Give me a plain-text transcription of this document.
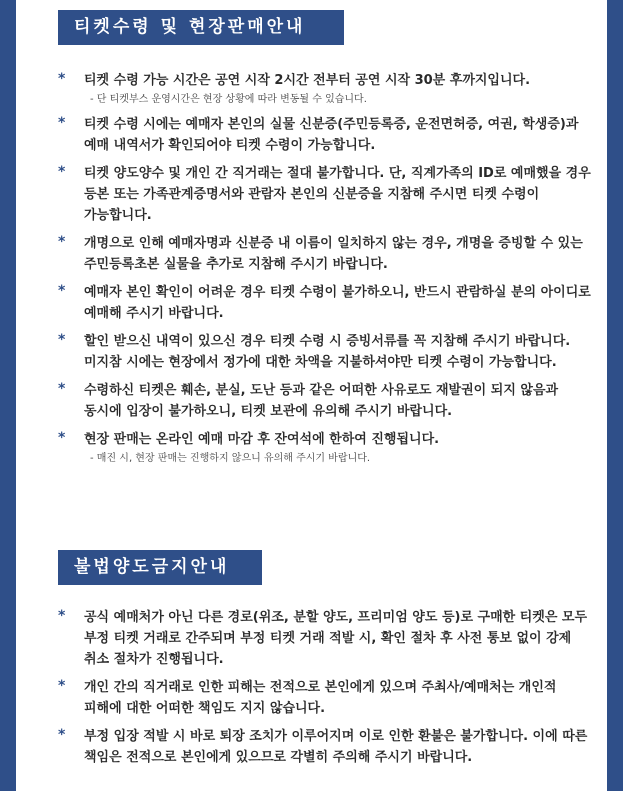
티켓수령 및 현장판매안내
* 티켓 수령 가능 시간은 공연 시작 2시간 전부터 공연 시작 30분 후까지입니다.
- 단 티켓부스 운영시간은 현장 상황에 따라 변동될 수 있습니다.
* 티켓 수령 시에는 예매자 본인의 실물 신분증(주민등록증, 운전면허증, 여권, 학생증)과 예매 내역서가 확인되어야 티켓 수령이 가능합니다.
* 티켓 양도양수 및 개인 간 직거래는 절대 불가합니다. 단, 직계가족의 ID로 예매했을 경우 등본 또는 가족관계증명서와 관람자 본인의 신분증을 지참해 주시면 티켓 수령이 가능합니다.
* 개명으로 인해 예매자명과 신분증 내 이름이 일치하지 않는 경우, 개명을 증빙할 수 있는 주민등록초본 실물을 추가로 지참해 주시기 바랍니다.
* 예매자 본인 확인이 어려운 경우 티켓 수령이 불가하오니, 반드시 관람하실 분의 아이디로 예매해 주시기 바랍니다.
* 할인 받으신 내역이 있으신 경우 티켓 수령 시 증빙서류를 꼭 지참해 주시기 바랍니다. 미지참 시에는 현장에서 정가에 대한 차액을 지불하셔야만 티켓 수령이 가능합니다.
* 수령하신 티켓은 훼손, 분실, 도난 등과 같은 어떠한 사유로도 재발권이 되지 않음과 동시에 입장이 불가하오니, 티켓 보관에 유의해 주시기 바랍니다.
* 현장 판매는 온라인 예매 마감 후 잔여석에 한하여 진행됩니다.
- 매진 시, 현장 판매는 진행하지 않으니 유의해 주시기 바랍니다.
불법양도금지안내
* 공식 예매처가 아닌 다른 경로(위조, 분할 양도, 프리미엄 양도 등)로 구매한 티켓은 모두 부정 티켓 거래로 간주되며 부정 티켓 거래 적발 시, 확인 절차 후 사전 통보 없이 강제 취소 절차가 진행됩니다.
* 개인 간의 직거래로 인한 피해는 전적으로 본인에게 있으며 주최사/예매처는 개인적 피해에 대한 어떠한 책임도 지지 않습니다.
* 부정 입장 적발 시 바로 퇴장 조치가 이루어지며 이로 인한 환불은 불가합니다. 이에 따른 책임은 전적으로 본인에게 있으므로 각별히 주의해 주시기 바랍니다.
